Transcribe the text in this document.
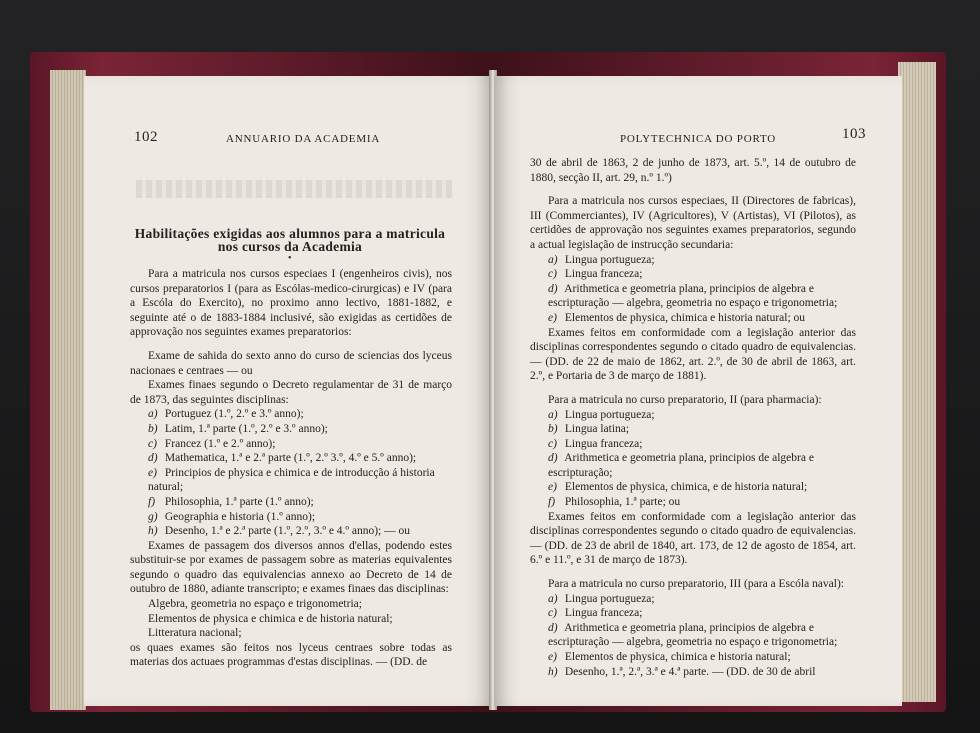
102	ANNUARIO DA ACADEMIA
Habilitações exigidas aos alumnos para a matricula nos cursos da Academia
•

Para a matricula nos cursos especiaes I (engenheiros civis), nos cursos preparatorios I (para as Escólas-medico-cirurgicas) e IV (para a Escóla do Exercito), no proximo anno lectivo, 1881-1882, e seguinte até o de 1883-1884 inclusivé, são exigidas as certidões de approvação nos seguintes exames preparatorios:

Exame de sahida do sexto anno do curso de sciencias dos lyceus nacionaes e centraes — ou

Exames finaes segundo o Decreto regulamentar de 31 de março de 1873, das seguintes disciplinas:

a) Portuguez (1.º, 2.º e 3.º anno);
b) Latim, 1.ª parte (1.º, 2.º e 3.º anno);
c) Francez (1.º e 2.º anno);
d) Mathematica, 1.ª e 2.ª parte (1.º, 2.º 3.º, 4.º e 5.º anno);
e) Principios de physica e chimica e de introducção á historia natural;
f) Philosophia, 1.ª parte (1.º anno);
g) Geographia e historia (1.º anno);
h) Desenho, 1.ª e 2.ª parte (1.º, 2.º, 3.º e 4.º anno); — ou

Exames de passagem dos diversos annos d'ellas, podendo estes substituir-se por exames de passagem sobre as materias equivalentes segundo o quadro das equivalencias annexo ao Decreto de 14 de outubro de 1880, adiante transcripto; e exames finaes das disciplinas:

Algebra, geometria no espaço e trigonometria;
Elementos de physica e chimica e de historia natural;
Litteratura nacional;

os quaes exames são feitos nos lyceus centraes sobre todas as materias dos actuaes programmas d'estas disciplinas. — (DD. de

POLYTECHNICA DO PORTO	103

30 de abril de 1863, 2 de junho de 1873, art. 5.º, 14 de outubro de 1880, secção II, art. 29, n.º 1.º)

Para a matricula nos cursos especiaes, II (Directores de fabricas), III (Commerciantes), IV (Agricultores), V (Artistas), VI (Pilotos), as certidões de approvação nos seguintes exames preparatorios, segundo a actual legislação de instrucção secundaria:

a) Lingua portugueza;
c) Lingua franceza;
d) Arithmetica e geometria plana, principios de algebra e escripturação — algebra, geometria no espaço e trigonometria;
e) Elementos de physica, chimica e historia natural; ou

Exames feitos em conformidade com a legislação anterior das disciplinas correspondentes segundo o citado quadro de equivalencias. — (DD. de 22 de maio de 1862, art. 2.º, de 30 de abril de 1863, art. 2.º, e Portaria de 3 de março de 1881).

Para a matricula no curso preparatorio, II (para pharmacia):

a) Lingua portugueza;
b) Lingua latina;
c) Lingua franceza;
d) Arithmetica e geometria plana, principios de algebra e escripturação;
e) Elementos de physica, chimica, e de historia natural;
f) Philosophia, 1.ª parte; ou

Exames feitos em conformidade com a legislação anterior das disciplinas correspondentes segundo o citado quadro de equivalencias. — (DD. de 23 de abril de 1840, art. 173, de 12 de agosto de 1854, art. 6.º e 11.º, e 31 de março de 1873).

Para a matricula no curso preparatorio, III (para a Escóla naval):

a) Lingua portugueza;
c) Lingua franceza;
d) Arithmetica e geometria plana, principios de algebra e escripturação — algebra, geometria no espaço e trigonometria;
e) Elementos de physica, chimica e historia natural;
h) Desenho, 1.ª, 2.ª, 3.ª e 4.ª parte. — (DD. de 30 de abril
